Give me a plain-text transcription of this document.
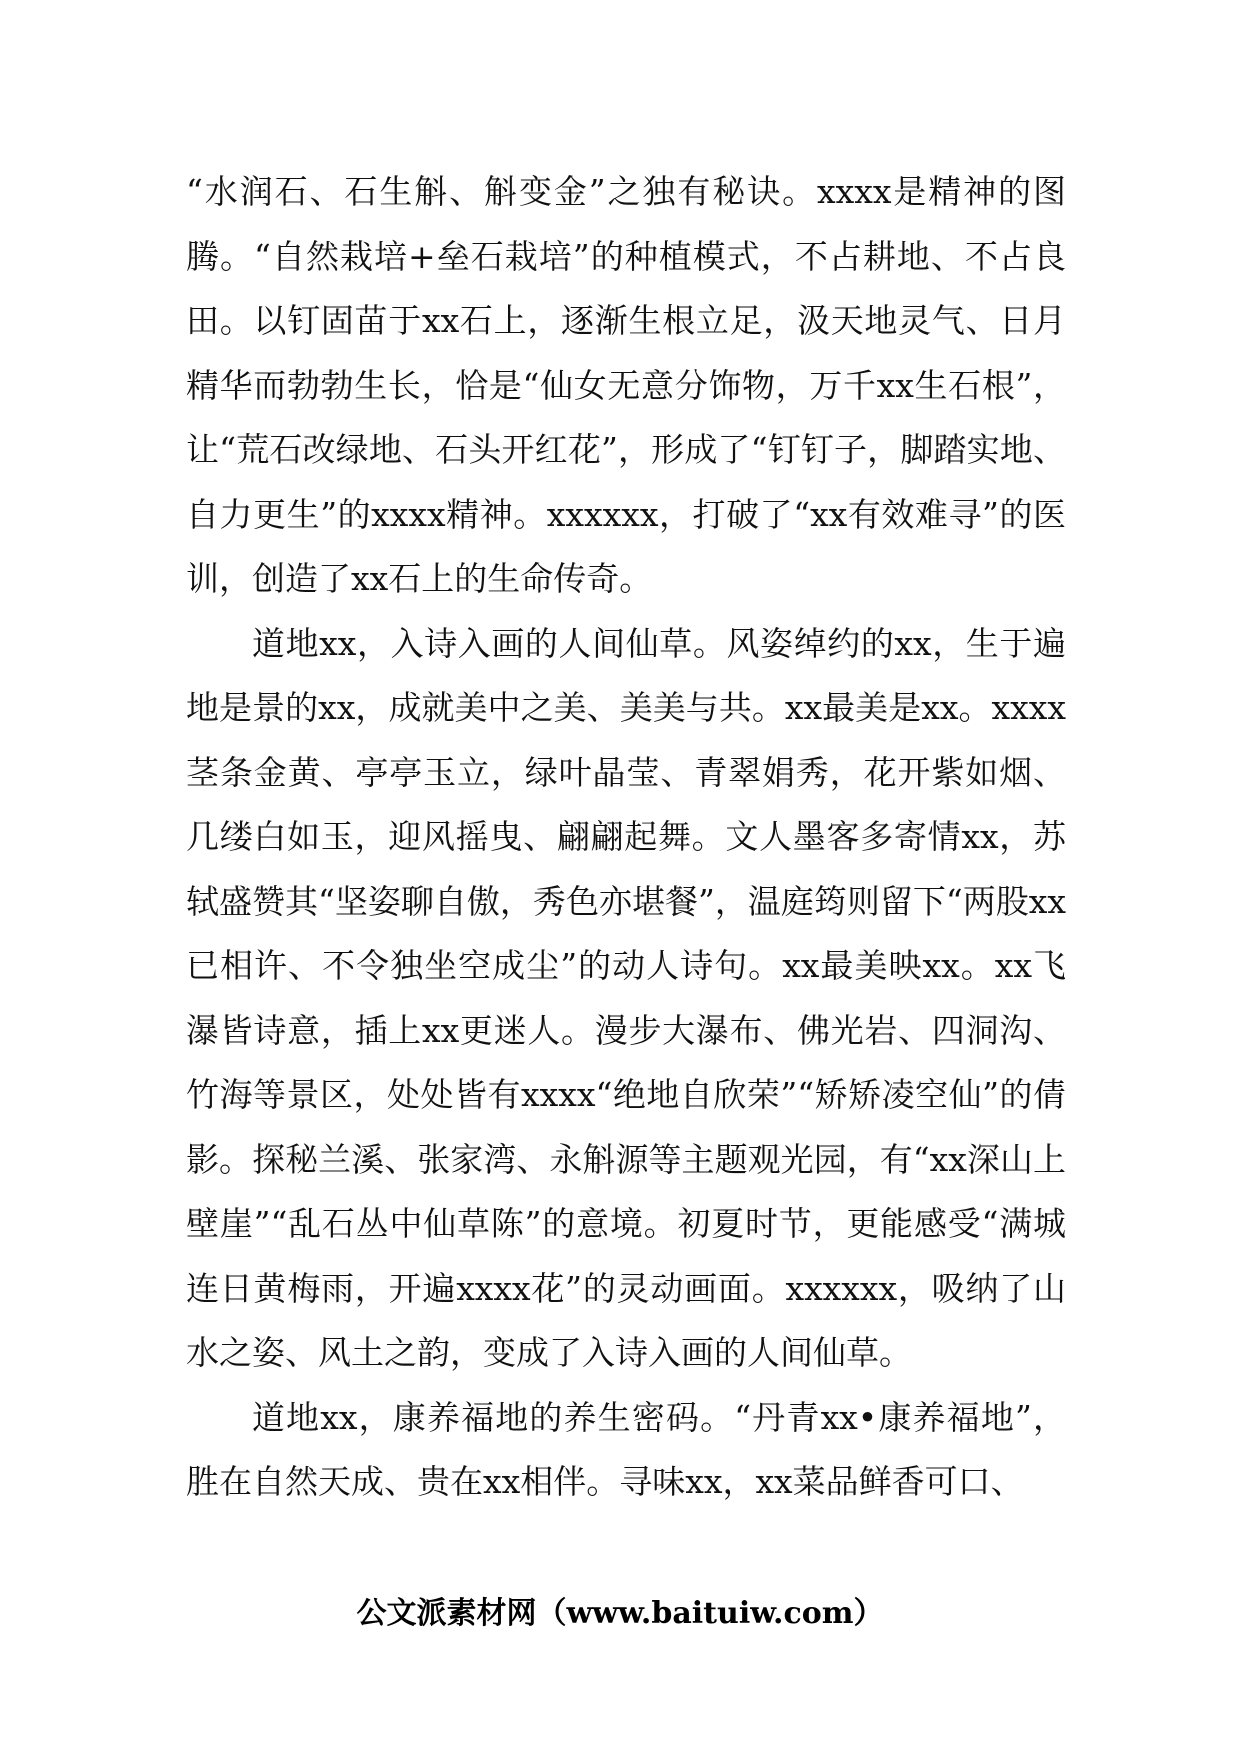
“水润石、石生斛、斛变金”之独有秘诀。xxxx是精神的图腾。“自然栽培+垒石栽培”的种植模式，不占耕地、不占良田。以钉固苗于xx石上，逐渐生根立足，汲天地灵气、日月精华而勃勃生长，恰是“仙女无意分饰物，万千xx生石根”，让“荒石改绿地、石头开红花”，形成了“钉钉子，脚踏实地、自力更生”的xxxx精神。xxxxxx，打破了“xx有效难寻”的医训，创造了xx石上的生命传奇。

道地xx，入诗入画的人间仙草。风姿绰约的xx，生于遍地是景的xx，成就美中之美、美美与共。xx最美是xx。xxxx茎条金黄、亭亭玉立，绿叶晶莹、青翠娟秀，花开紫如烟、几缕白如玉，迎风摇曳、翩翩起舞。文人墨客多寄情xx，苏轼盛赞其“坚姿聊自傲，秀色亦堪餐”，温庭筠则留下“两股xx已相许、不令独坐空成尘”的动人诗句。xx最美映xx。xx飞瀑皆诗意，插上xx更迷人。漫步大瀑布、佛光岩、四洞沟、竹海等景区，处处皆有xxxx“绝地自欣荣”“矫矫凌空仙”的倩影。探秘兰溪、张家湾、永斛源等主题观光园，有“xx深山上壁崖”“乱石丛中仙草陈”的意境。初夏时节，更能感受“满城连日黄梅雨，开遍xxxx花”的灵动画面。xxxxxx，吸纳了山水之姿、风土之韵，变成了入诗入画的人间仙草。

道地xx，康养福地的养生密码。“丹青xx•康养福地”，胜在自然天成、贵在xx相伴。寻味xx，xx菜品鲜香可口、

公文派素材网（www.baituiw.com）
